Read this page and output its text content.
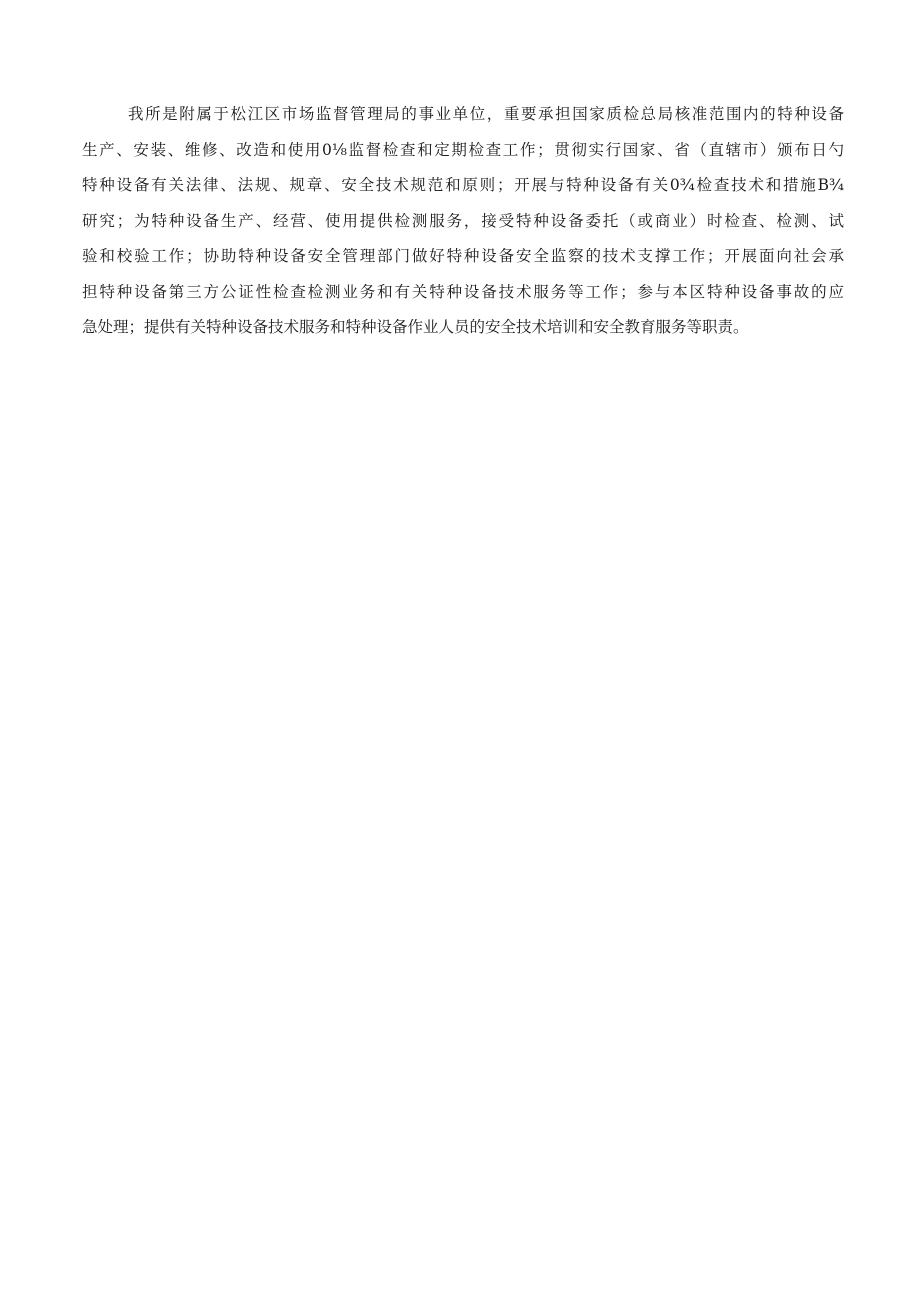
我所是附属于松江区市场监督管理局的事业单位，重要承担国家质检总局核准范围内的特种设备
生产、安装、维修、改造和使用0⅛监督检查和定期检查工作；贯彻实行国家、省（直辖市）颁布日勺
特种设备有关法律、法规、规章、安全技术规范和原则；开展与特种设备有关0¾检查技术和措施B¾
研究；为特种设备生产、经营、使用提供检测服务，接受特种设备委托（或商业）时检查、检测、试
验和校验工作；协助特种设备安全管理部门做好特种设备安全监察的技术支撑工作；开展面向社会承
担特种设备第三方公证性检查检测业务和有关特种设备技术服务等工作；参与本区特种设备事故的应
急处理；提供有关特种设备技术服务和特种设备作业人员的安全技术培训和安全教育服务等职责。
